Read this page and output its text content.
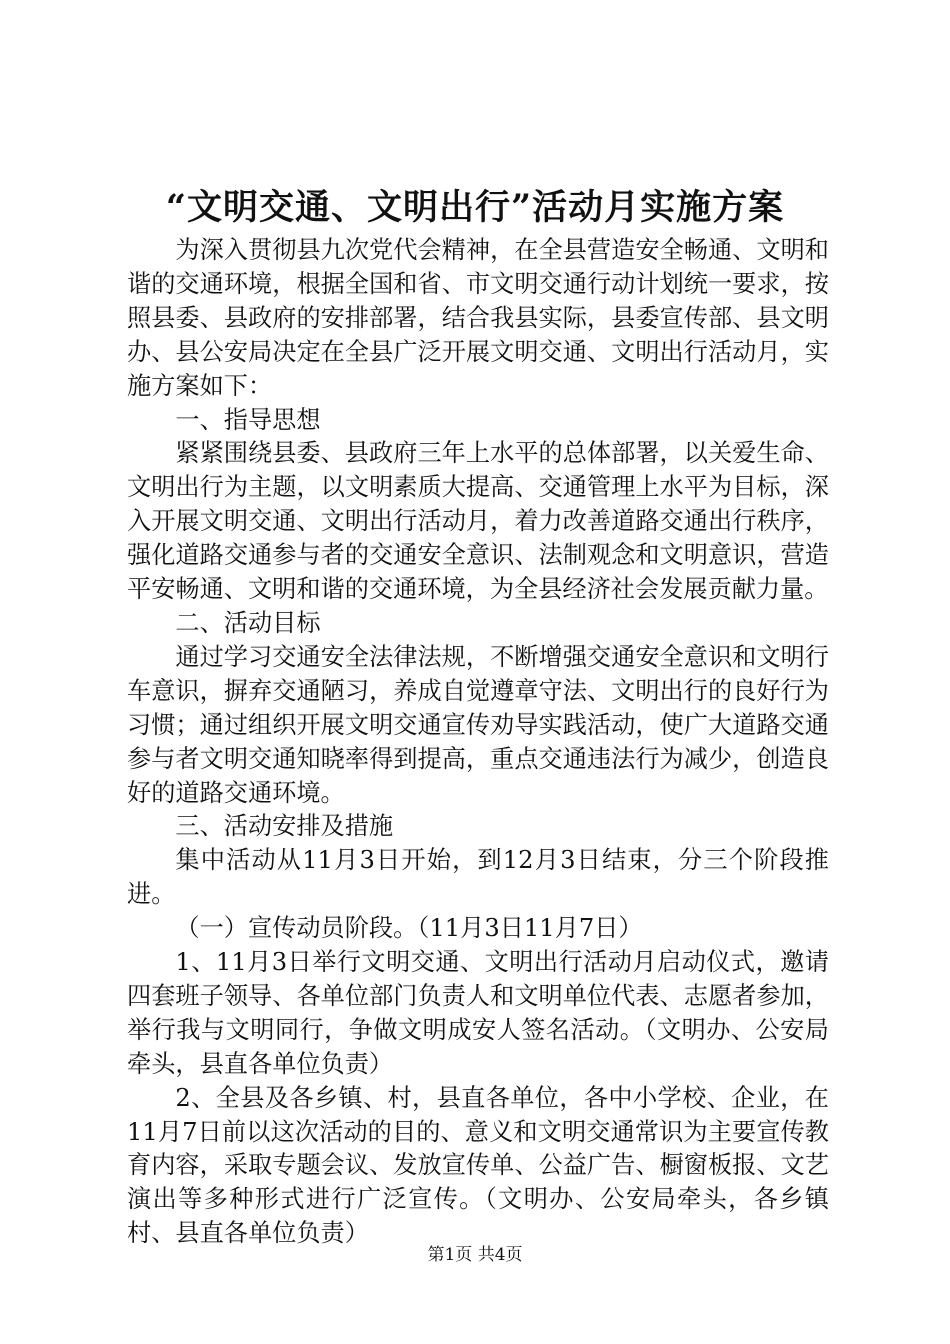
“文明交通、文明出行”活动月实施方案

为深入贯彻县九次党代会精神，在全县营造安全畅通、文明和谐的交通环境，根据全国和省、市文明交通行动计划统一要求，按照县委、县政府的安排部署，结合我县实际，县委宣传部、县文明办、县公安局决定在全县广泛开展文明交通、文明出行活动月，实施方案如下：

一、指导思想

紧紧围绕县委、县政府三年上水平的总体部署，以关爱生命、文明出行为主题，以文明素质大提高、交通管理上水平为目标，深入开展文明交通、文明出行活动月，着力改善道路交通出行秩序，强化道路交通参与者的交通安全意识、法制观念和文明意识，营造平安畅通、文明和谐的交通环境，为全县经济社会发展贡献力量。

二、活动目标

通过学习交通安全法律法规，不断增强交通安全意识和文明行车意识，摒弃交通陋习，养成自觉遵章守法、文明出行的良好行为习惯；通过组织开展文明交通宣传劝导实践活动，使广大道路交通参与者文明交通知晓率得到提高，重点交通违法行为减少，创造良好的道路交通环境。

三、活动安排及措施

集中活动从11月3日开始，到12月3日结束，分三个阶段推进。

（一）宣传动员阶段。（11月3日11月7日）

1、11月3日举行文明交通、文明出行活动月启动仪式，邀请四套班子领导、各单位部门负责人和文明单位代表、志愿者参加，举行我与文明同行，争做文明成安人签名活动。（文明办、公安局牵头，县直各单位负责）

2、全县及各乡镇、村，县直各单位，各中小学校、企业，在11月7日前以这次活动的目的、意义和文明交通常识为主要宣传教育内容，采取专题会议、发放宣传单、公益广告、橱窗板报、文艺演出等多种形式进行广泛宣传。（文明办、公安局牵头，各乡镇村、县直各单位负责）

第1页 共4页
